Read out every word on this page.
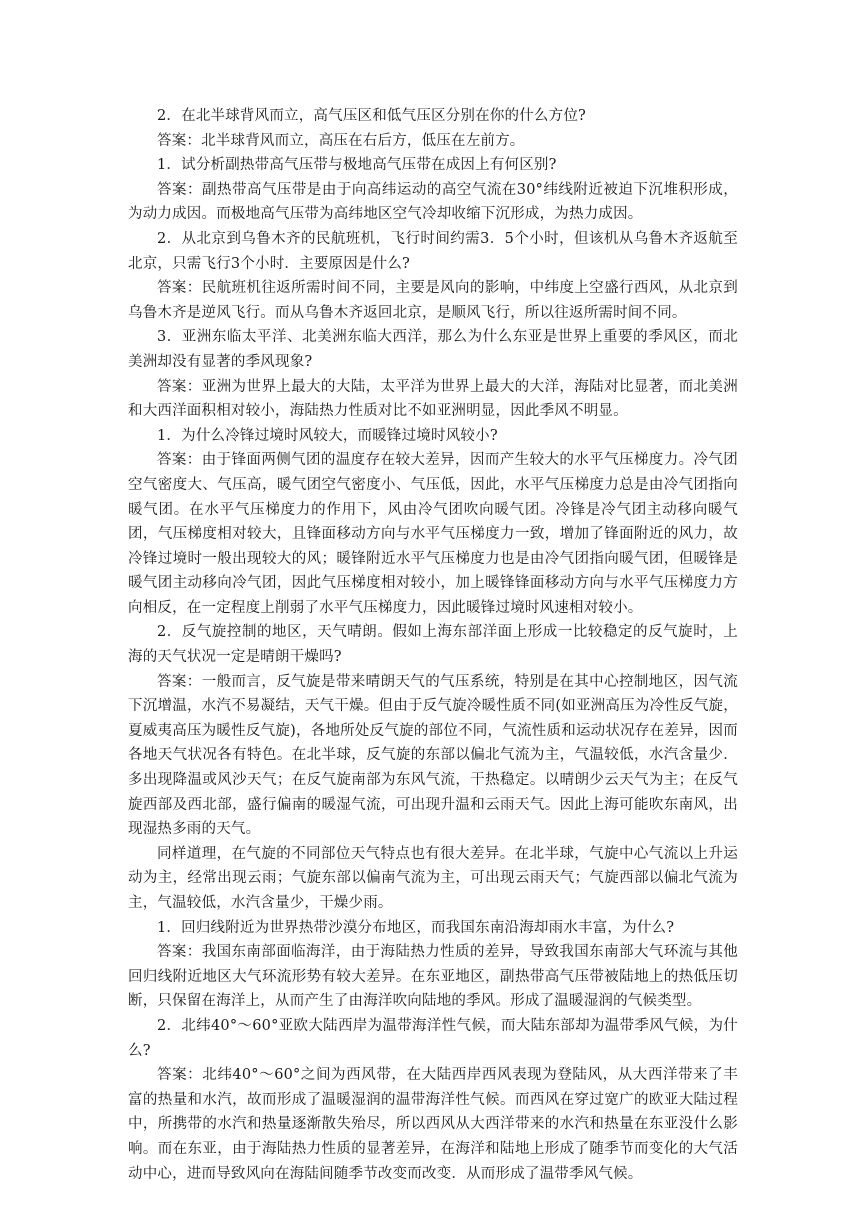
2．在北半球背风而立，高气压区和低气压区分别在你的什么方位?

答案：北半球背风而立，高压在右后方，低压在左前方。

1．试分析副热带高气压带与极地高气压带在成因上有何区别?

答案：副热带高气压带是由于向高纬运动的高空气流在30°纬线附近被迫下沉堆积形成，为动力成因。而极地高气压带为高纬地区空气冷却收缩下沉形成，为热力成因。

2．从北京到乌鲁木齐的民航班机，飞行时间约需3．5个小时，但该机从乌鲁木齐返航至北京，只需飞行3个小时．主要原因是什么?

答案：民航班机往返所需时间不同，主要是风向的影响，中纬度上空盛行西风，从北京到乌鲁木齐是逆风飞行。而从乌鲁木齐返回北京，是顺风飞行，所以往返所需时间不同。

3．亚洲东临太平洋、北美洲东临大西洋，那么为什么东亚是世界上重要的季风区，而北美洲却没有显著的季风现象?

答案：亚洲为世界上最大的大陆，太平洋为世界上最大的大洋，海陆对比显著，而北美洲和大西洋面积相对较小，海陆热力性质对比不如亚洲明显，因此季风不明显。

1．为什么冷锋过境时风较大，而暖锋过境时风较小?

答案：由于锋面两侧气团的温度存在较大差异，因而产生较大的水平气压梯度力。冷气团空气密度大、气压高，暖气团空气密度小、气压低，因此，水平气压梯度力总是由冷气团指向暖气团。在水平气压梯度力的作用下，风由冷气团吹向暖气团。冷锋是冷气团主动移向暖气团，气压梯度相对较大，且锋面移动方向与水平气压梯度力一致，增加了锋面附近的风力，故冷锋过境时一般出现较大的风；暖锋附近水平气压梯度力也是由冷气团指向暖气团，但暖锋是暖气团主动移向冷气团，因此气压梯度相对较小，加上暖锋锋面移动方向与水平气压梯度力方向相反，在一定程度上削弱了水平气压梯度力，因此暖锋过境时风速相对较小。

2．反气旋控制的地区，天气晴朗。假如上海东部洋面上形成一比较稳定的反气旋时，上海的天气状况一定是晴朗干燥吗?

答案：一般而言，反气旋是带来晴朗天气的气压系统，特别是在其中心控制地区，因气流下沉增温，水汽不易凝结，天气干燥。但由于反气旋冷暖性质不同(如亚洲高压为冷性反气旋，夏威夷高压为暖性反气旋)，各地所处反气旋的部位不同，气流性质和运动状况存在差异，因而各地天气状况各有特色。在北半球，反气旋的东部以偏北气流为主，气温较低，水汽含量少．多出现降温或风沙天气；在反气旋南部为东风气流，干热稳定。以晴朗少云天气为主；在反气旋西部及西北部，盛行偏南的暖湿气流，可出现升温和云雨天气。因此上海可能吹东南风，出现湿热多雨的天气。

同样道理，在气旋的不同部位天气特点也有很大差异。在北半球，气旋中心气流以上升运动为主，经常出现云雨；气旋东部以偏南气流为主，可出现云雨天气；气旋西部以偏北气流为主，气温较低，水汽含量少，干燥少雨。

1．回归线附近为世界热带沙漠分布地区，而我国东南沿海却雨水丰富，为什么?

答案：我国东南部面临海洋，由于海陆热力性质的差异，导致我国东南部大气环流与其他回归线附近地区大气环流形势有较大差异。在东亚地区，副热带高气压带被陆地上的热低压切断，只保留在海洋上，从而产生了由海洋吹向陆地的季风。形成了温暖湿润的气候类型。

2．北纬40°～60°亚欧大陆西岸为温带海洋性气候，而大陆东部却为温带季风气候，为什么?

答案：北纬40°～60°之间为西风带，在大陆西岸西风表现为登陆风，从大西洋带来了丰富的热量和水汽，故而形成了温暖湿润的温带海洋性气候。而西风在穿过宽广的欧亚大陆过程中，所携带的水汽和热量逐渐散失殆尽，所以西风从大西洋带来的水汽和热量在东亚没什么影响。而在东亚，由于海陆热力性质的显著差异，在海洋和陆地上形成了随季节而变化的大气活动中心，进而导致风向在海陆间随季节改变而改变．从而形成了温带季风气候。
